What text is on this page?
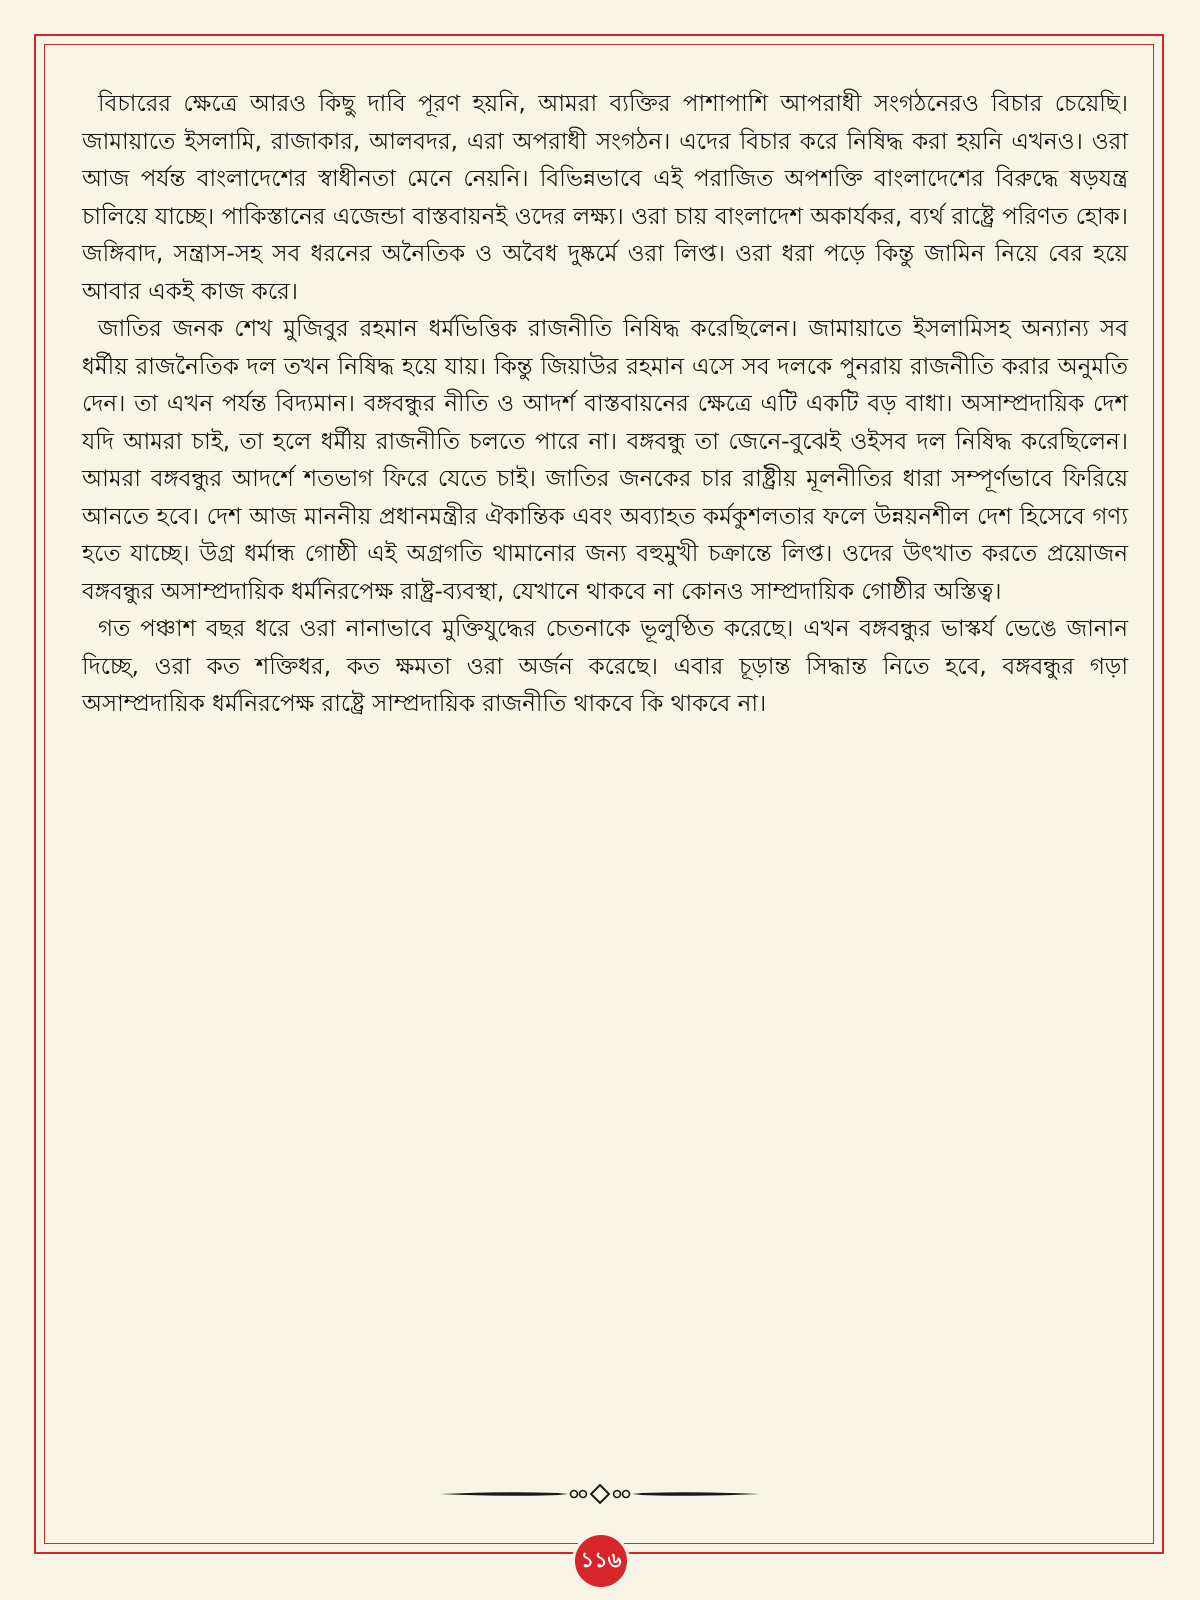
বিচারের ক্ষেত্রে আরও কিছু দাবি পূরণ হয়নি, আমরা ব্যক্তির পাশাপাশি আপরাধী সংগঠনেরও বিচার চেয়েছি। জামায়াতে ইসলামি, রাজাকার, আলবদর, এরা অপরাধী সংগঠন। এদের বিচার করে নিষিদ্ধ করা হয়নি এখনও। ওরা আজ পর্যন্ত বাংলাদেশের স্বাধীনতা মেনে নেয়নি। বিভিন্নভাবে এই পরাজিত অপশক্তি বাংলাদেশের বিরুদ্ধে ষড়যন্ত্র চালিয়ে যাচ্ছে। পাকিস্তানের এজেন্ডা বাস্তবায়নই ওদের লক্ষ্য। ওরা চায় বাংলাদেশ অকার্যকর, ব্যর্থ রাষ্ট্রে পরিণত হোক। জঙ্গিবাদ, সন্ত্রাস-সহ সব ধরনের অনৈতিক ও অবৈধ দুষ্কর্মে ওরা লিপ্ত। ওরা ধরা পড়ে কিন্তু জামিন নিয়ে বের হয়ে আবার একই কাজ করে।

জাতির জনক শেখ মুজিবুর রহমান ধর্মভিত্তিক রাজনীতি নিষিদ্ধ করেছিলেন। জামায়াতে ইসলামিসহ অন্যান্য সব ধর্মীয় রাজনৈতিক দল তখন নিষিদ্ধ হয়ে যায়। কিন্তু জিয়াউর রহমান এসে সব দলকে পুনরায় রাজনীতি করার অনুমতি দেন। তা এখন পর্যন্ত বিদ্যমান। বঙ্গবন্ধুর নীতি ও আদর্শ বাস্তবায়নের ক্ষেত্রে এটি একটি বড় বাধা। অসাম্প্রদায়িক দেশ যদি আমরা চাই, তা হলে ধর্মীয় রাজনীতি চলতে পারে না। বঙ্গবন্ধু তা জেনে-বুঝেই ওইসব দল নিষিদ্ধ করেছিলেন। আমরা বঙ্গবন্ধুর আদর্শে শতভাগ ফিরে যেতে চাই। জাতির জনকের চার রাষ্ট্রীয় মূলনীতির ধারা সম্পূর্ণভাবে ফিরিয়ে আনতে হবে। দেশ আজ মাননীয় প্রধানমন্ত্রীর ঐকান্তিক এবং অব্যাহত কর্মকুশলতার ফলে উন্নয়নশীল দেশ হিসেবে গণ্য হতে যাচ্ছে। উগ্র ধর্মান্ধ গোষ্ঠী এই অগ্রগতি থামানোর জন্য বহুমুখী চক্রান্তে লিপ্ত। ওদের উৎখাত করতে প্রয়োজন বঙ্গবন্ধুর অসাম্প্রদায়িক ধর্মনিরপেক্ষ রাষ্ট্র-ব্যবস্থা, যেখানে থাকবে না কোনও সাম্প্রদায়িক গোষ্ঠীর অস্তিত্ব।

গত পঞ্চাশ বছর ধরে ওরা নানাভাবে মুক্তিযুদ্ধের চেতনাকে ভূলুণ্ঠিত করেছে। এখন বঙ্গবন্ধুর ভাস্কর্য ভেঙে জানান দিচ্ছে, ওরা কত শক্তিধর, কত ক্ষমতা ওরা অর্জন করেছে। এবার চূড়ান্ত সিদ্ধান্ত নিতে হবে, বঙ্গবন্ধুর গড়া অসাম্প্রদায়িক ধর্মনিরপেক্ষ রাষ্ট্রে সাম্প্রদায়িক রাজনীতি থাকবে কি থাকবে না।

১১৬
